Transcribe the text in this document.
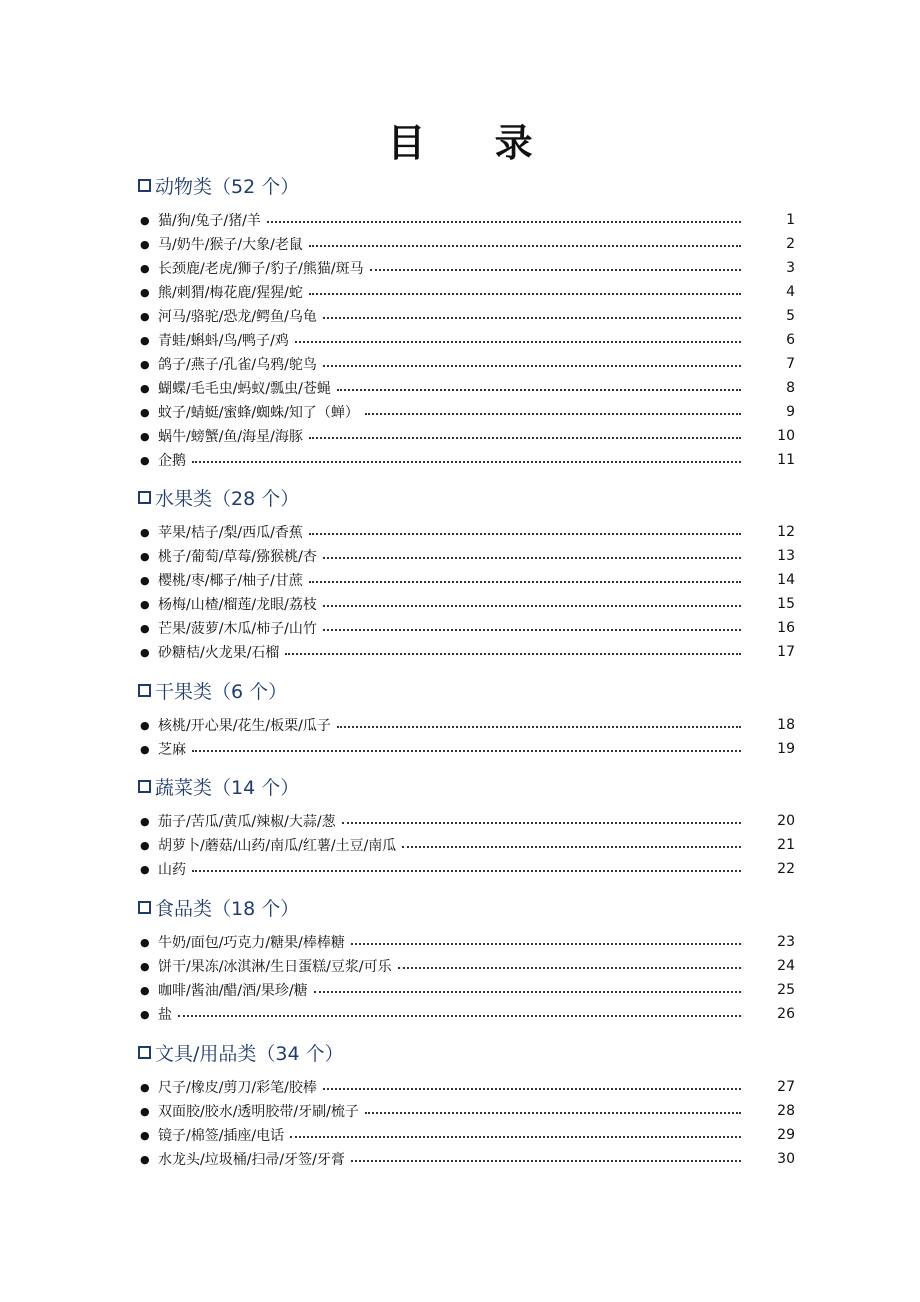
目 录
动物类（52 个）
● 猫/狗/兔子/猪/羊	1
● 马/奶牛/猴子/大象/老鼠	2
● 长颈鹿/老虎/狮子/豹子/熊猫/斑马	3
● 熊/刺猬/梅花鹿/猩猩/蛇	4
● 河马/骆驼/恐龙/鳄鱼/乌龟	5
● 青蛙/蝌蚪/鸟/鸭子/鸡	6
● 鸽子/燕子/孔雀/乌鸦/鸵鸟	7
● 蝴蝶/毛毛虫/蚂蚁/瓢虫/苍蝇	8
● 蚊子/蜻蜓/蜜蜂/蜘蛛/知了（蝉）	9
● 蜗牛/螃蟹/鱼/海星/海豚	10
● 企鹅	11
水果类（28 个）
● 苹果/桔子/梨/西瓜/香蕉	12
● 桃子/葡萄/草莓/猕猴桃/杏	13
● 樱桃/枣/椰子/柚子/甘蔗	14
● 杨梅/山楂/榴莲/龙眼/荔枝	15
● 芒果/菠萝/木瓜/柿子/山竹	16
● 砂糖桔/火龙果/石榴	17
干果类（6 个）
● 核桃/开心果/花生/板栗/瓜子	18
● 芝麻	19
蔬菜类（14 个）
● 茄子/苦瓜/黄瓜/辣椒/大蒜/葱	20
● 胡萝卜/蘑菇/山药/南瓜/红薯/土豆/南瓜	21
● 山药	22
食品类（18 个）
● 牛奶/面包/巧克力/糖果/棒棒糖	23
● 饼干/果冻/冰淇淋/生日蛋糕/豆浆/可乐	24
● 咖啡/酱油/醋/酒/果珍/糖	25
● 盐	26
文具/用品类（34 个）
● 尺子/橡皮/剪刀/彩笔/胶棒	27
● 双面胶/胶水/透明胶带/牙刷/梳子	28
● 镜子/棉签/插座/电话	29
● 水龙头/垃圾桶/扫帚/牙签/牙膏	30
